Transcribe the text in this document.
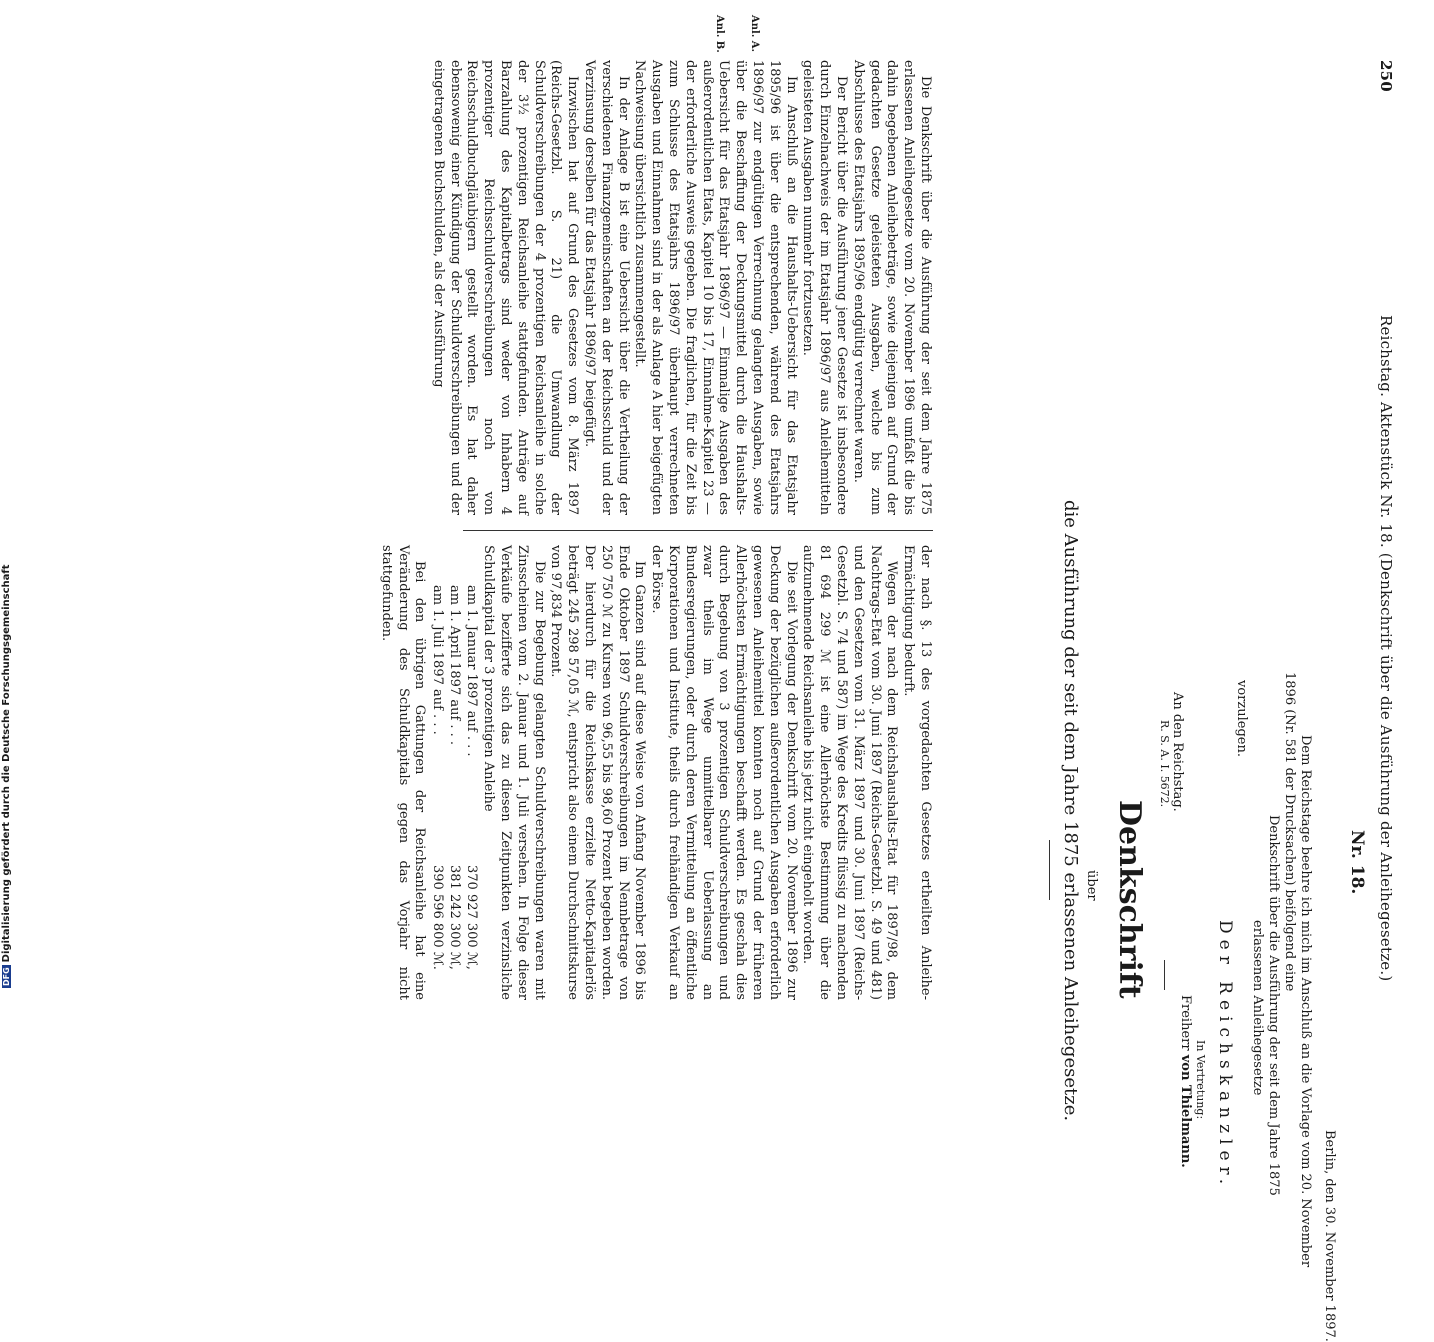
250
Reichstag. Aktenstück Nr. 18. (Denkschrift über die Ausführung der Anleihegesetze.)
Nr. 18.
Berlin, den 30. November 1897.
Dem Reichstage beehre ich mich im Anschluß an die Vorlage vom 20. November
1896 (Nr. 581 der Drucksachen) beifolgend eine
Denkschrift über die Ausführung der seit dem Jahre 1875
erlassenen Anleihegesetze
vorzulegen.
Der Reichskanzler.
In Vertretung:
Freiherr von Thielmann.
An den Reichstag.
R. S. A. I. 5672.
Denkschrift
über
die Ausführung der seit dem Jahre 1875 erlassenen Anleihegesetze.
Anl. A.
Anl. B.

Die Denkschrift über die Ausführung der seit dem Jahre 1875 erlassenen Anleihegesetze vom 20. November 1896 umfaßt die bis dahin begebenen Anleihebeträge, sowie diejenigen auf Grund der gedachten Gesetze geleisteten Ausgaben, welche bis zum Abschlusse des Etatsjahrs 1895/96 endgültig verrechnet waren.

Der Bericht über die Ausführung jener Gesetze ist insbesondere durch Einzelnachweis der im Etatsjahr 1896/97 aus Anleihemitteln geleisteten Ausgaben nunmehr fortzusetzen.

Im Anschluß an die Haushalts-Uebersicht für das Etatsjahr 1895/96 ist über die entsprechenden, während des Etatsjahrs 1896/97 zur endgültigen Verrechnung gelangten Ausgaben, sowie über die Beschaffung der Deckungsmittel durch die Haushalts-Uebersicht für das Etatsjahr 1896/97 — Einmalige Ausgaben des außerordentlichen Etats, Kapitel 10 bis 17, Einnahme-Kapitel 23 — der erforderliche Ausweis gegeben. Die fraglichen, für die Zeit bis zum Schlusse des Etatsjahrs 1896/97 überhaupt verrechneten Ausgaben und Einnahmen sind in der als Anlage A hier beigefügten Nachweisung übersichtlich zusammengestellt.

In der Anlage B ist eine Uebersicht über die Vertheilung der verschiedenen Finanzgemeinschaften an der Reichsschuld und der Verzinsung derselben für das Etatsjahr 1896/97 beigefügt.

Inzwischen hat auf Grund des Gesetzes vom 8. März 1897 (Reichs-Gesetzbl. S. 21) die Umwandlung der Schuldverschreibungen der 4 prozentigen Reichsanleihe in solche der 3½ prozentigen Reichsanleihe stattgefunden. Anträge auf Barzahlung des Kapitalbetrags sind weder von Inhabern 4 prozentiger Reichsschuldverschreibungen noch von Reichsschuldbuchgläubigern gestellt worden. Es hat daher ebensowenig einer Kündigung der Schuldverschreibungen und der eingetragenen Buchschulden, als der Ausführung

der nach §. 13 des vorgedachten Gesetzes ertheilten Anleihe-Ermächtigung bedurft.

Wegen der nach dem Reichshaushalts-Etat für 1897/98, dem Nachtrags-Etat vom 30. Juni 1897 (Reichs-Gesetzbl. S. 49 und 481) und den Gesetzen vom 31. März 1897 und 30. Juni 1897 (Reichs-Gesetzbl. S. 74 und 587) im Wege des Kredits flüssig zu machenden 81 694 299 ℳ ist eine Allerhöchste Bestimmung über die aufzunehmende Reichsanleihe bis jetzt nicht eingeholt worden.

Die seit Vorlegung der Denkschrift vom 20. November 1896 zur Deckung der bezüglichen außerordentlichen Ausgaben erforderlich gewesenen Anleihemittel konnten noch auf Grund der früheren Allerhöchsten Ermächtigungen beschafft werden. Es geschah dies durch Begebung von 3 prozentigen Schuldverschreibungen und zwar theils im Wege unmittelbarer Ueberlassung an Bundesregierungen, oder durch deren Vermittelung an öffentliche Korporationen und Institute, theils durch freihändigen Verkauf an der Börse.

Im Ganzen sind auf diese Weise von Anfang November 1896 bis Ende Oktober 1897 Schuldverschreibungen im Nennbetrage von 250 750 ℳ zu Kursen von 96,55 bis 98,60 Prozent begeben worden. Der hierdurch für die Reichskasse erzielte Netto-Kapitalerlös beträgt 245 298 57,05 ℳ, entspricht also einem Durchschnittskurse von 97,834 Prozent.

Die zur Begebung gelangten Schuldverschreibungen waren mit Zinsscheinen vom 2. Januar und 1. Juli versehen. In Folge dieser Verkäufe bezifferte sich das zu diesen Zeitpunkten verzinsliche Schuldkapital der 3 prozentigen Anleihe

am 1. Januar 1897 auf . . .
370 927 300 ℳ,
am 1. April 1897 auf . . .
381 242 300 ℳ,
am 1. Juli 1897 auf . . .
390 596 800 ℳ.

Bei den übrigen Gattungen der Reichsanleihe hat eine Veränderung des Schuldkapitals gegen das Vorjahr nicht stattgefunden.

DFGDigitalisierung gefördert durch die Deutsche Forschungsgemeinschaft
